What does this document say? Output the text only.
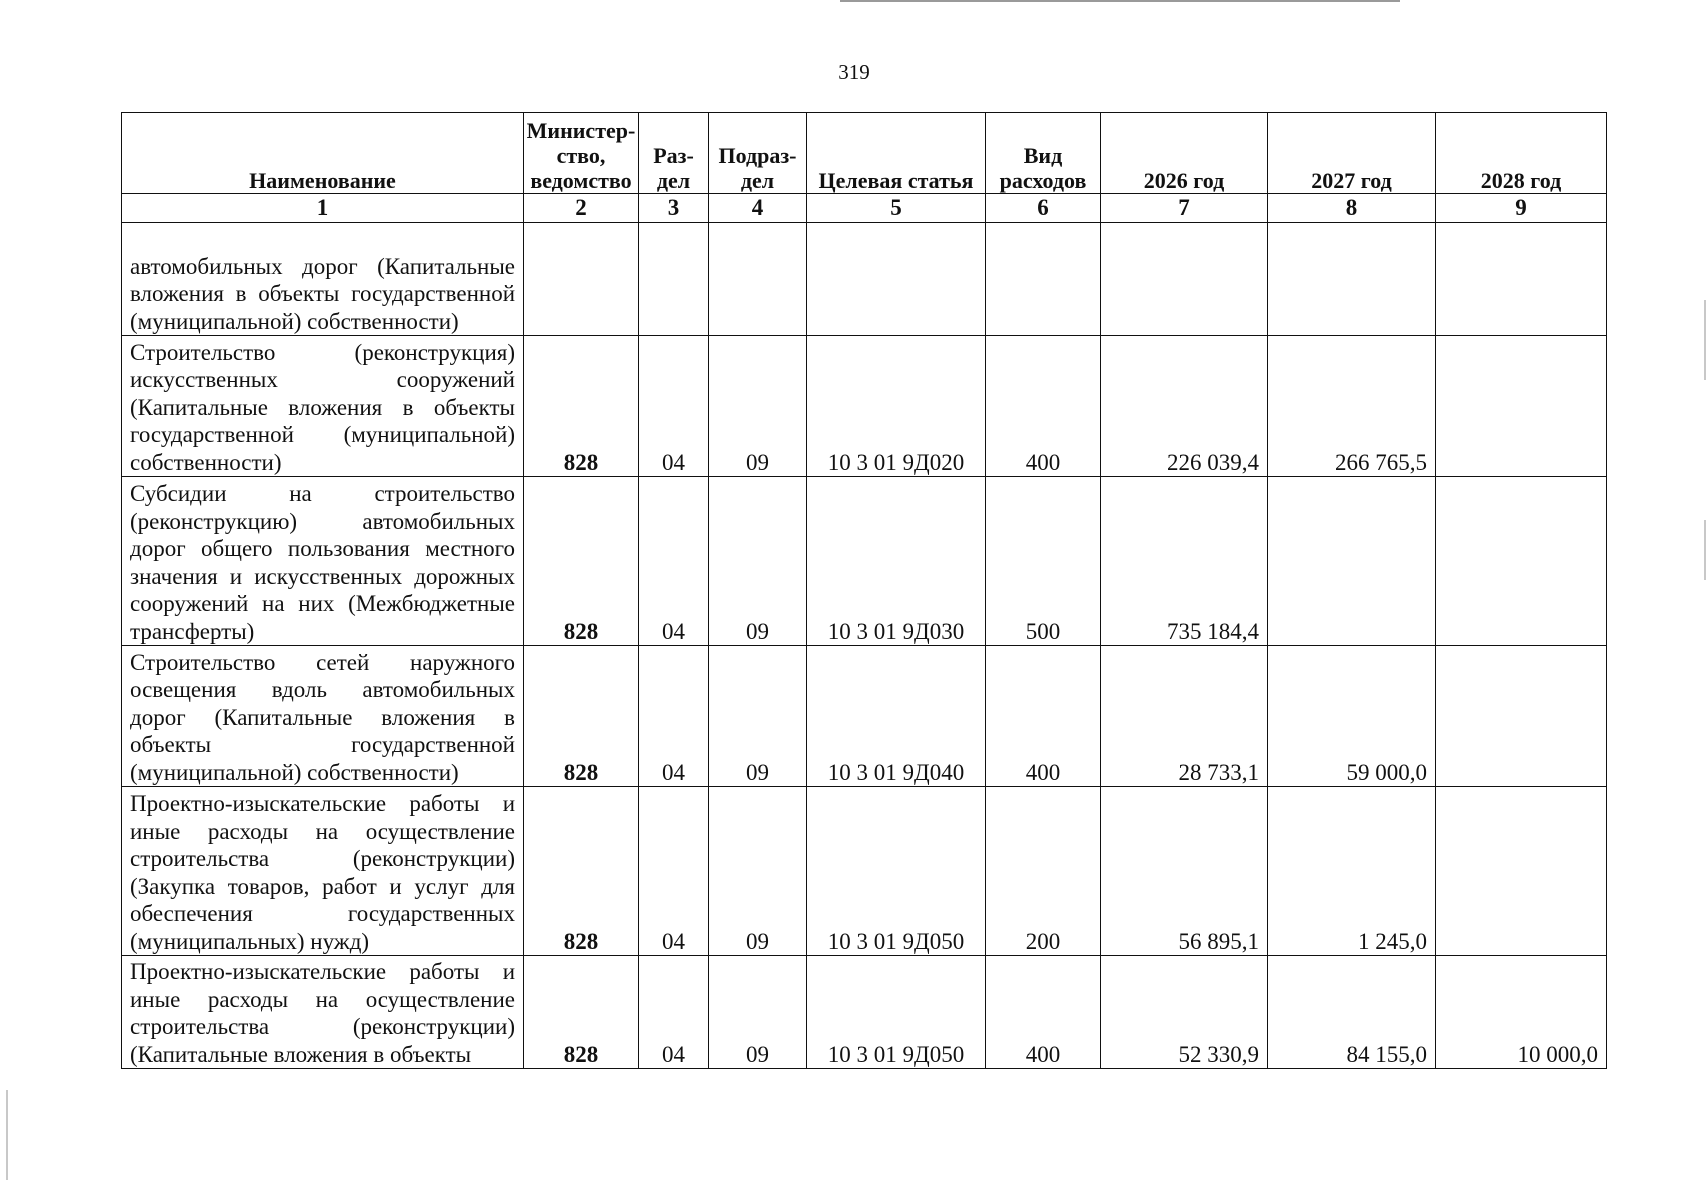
319
Наименование	Министер-ство, ведомство	Раз-дел	Подраз-дел	Целевая статья	Вид расходов	2026 год	2027 год	2028 год
1	2	3	4	5	6	7	8	9
автомобильных дорог (Капитальные вложения в объекты государственной (муниципальной) собственности)								
Строительство (реконструкция) искусственных сооружений (Капитальные вложения в объекты государственной (муниципальной) собственности)	828	04	09	10 3 01 9Д020	400	226 039,4	266 765,5	
Субсидии на строительство (реконструкцию) автомобильных дорог общего пользования местного значения и искусственных дорожных сооружений на них (Межбюджетные трансферты)	828	04	09	10 3 01 9Д030	500	735 184,4		
Строительство сетей наружного освещения вдоль автомобильных дорог (Капитальные вложения в объекты государственной (муниципальной) собственности)	828	04	09	10 3 01 9Д040	400	28 733,1	59 000,0	
Проектно-изыскательские работы и иные расходы на осуществление строительства (реконструкции) (Закупка товаров, работ и услуг для обеспечения государственных (муниципальных) нужд)	828	04	09	10 3 01 9Д050	200	56 895,1	1 245,0	
Проектно-изыскательские работы и иные расходы на осуществление строительства (реконструкции) (Капитальные вложения в объекты	828	04	09	10 3 01 9Д050	400	52 330,9	84 155,0	10 000,0
